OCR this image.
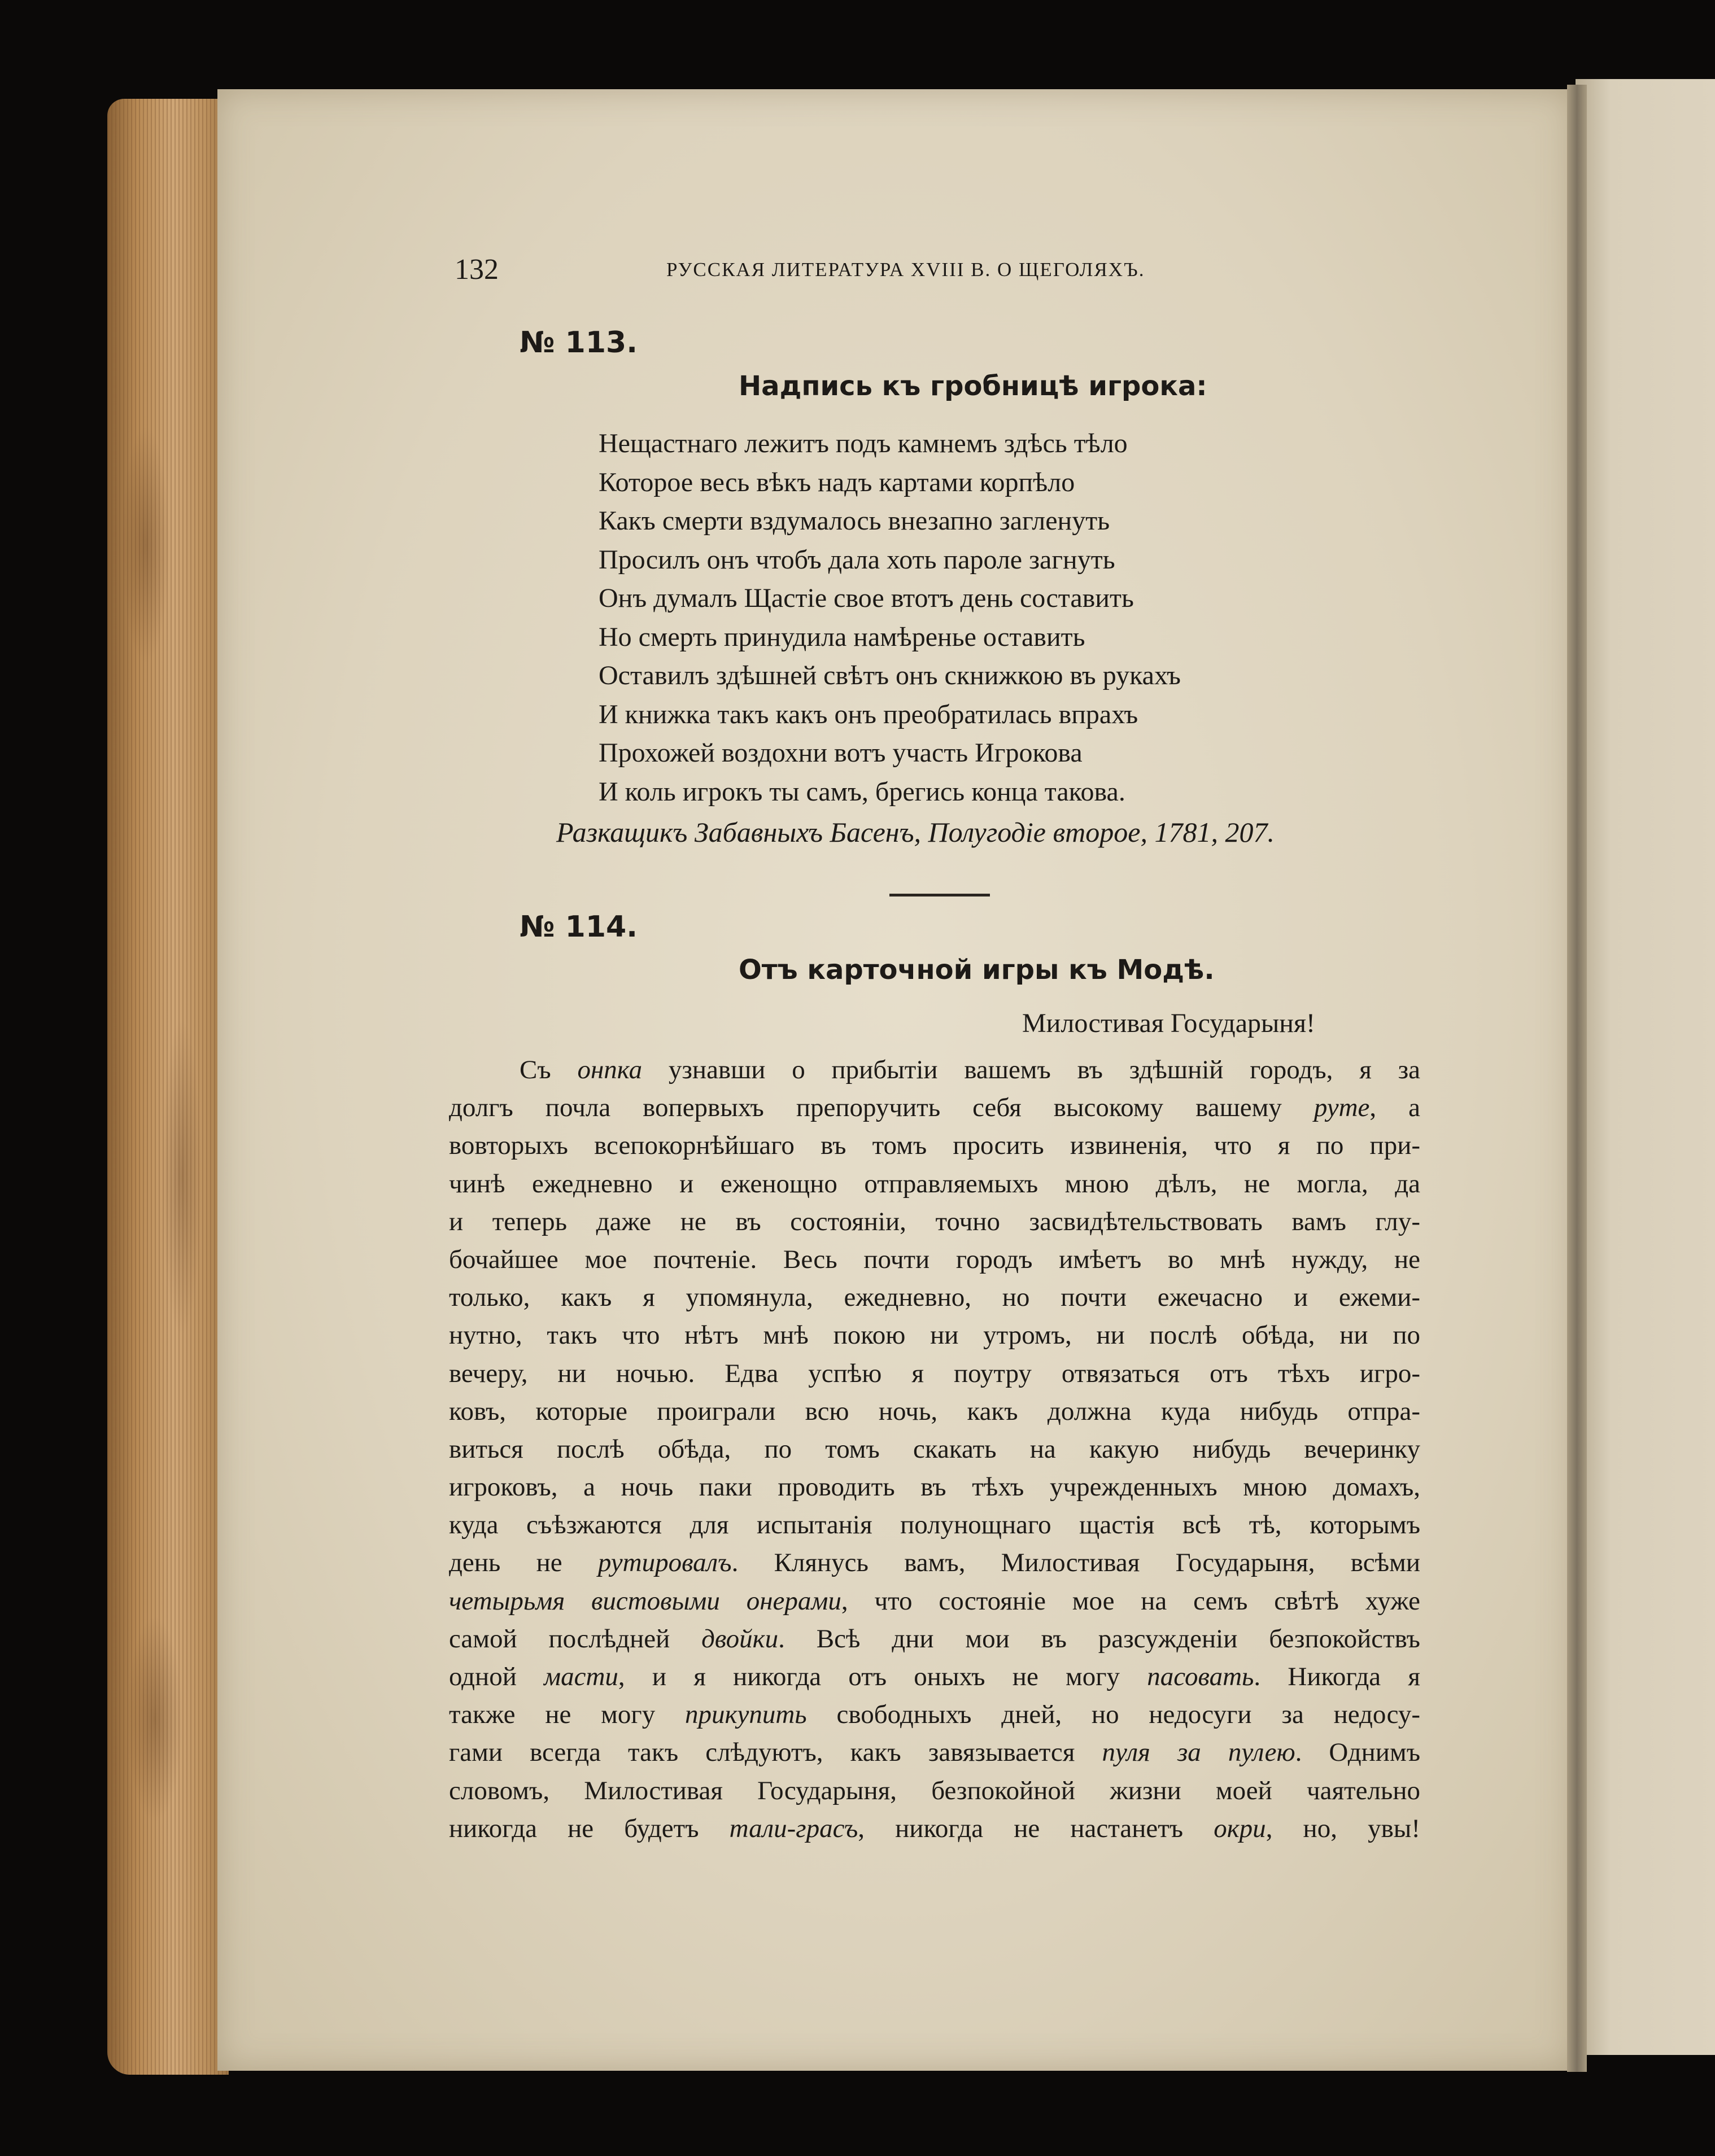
132	РУССКАЯ ЛИТЕРАТУРА XVIII В. О ЩЕГОЛЯХЪ.
№ 113.
Надпись къ гробницѣ игрока:
Нещастнаго лежитъ подъ камнемъ здѣсь тѣло
Которое весь вѣкъ надъ картами корпѣло
Какъ смерти вздумалось внезапно загленуть
Просилъ онъ чтобъ дала хоть пароле загнуть
Онъ думалъ Щастіе свое втотъ день составить
Но смерть принудила намѣренье оставить
Оставилъ здѣшней свѣтъ онъ скнижкою въ рукахъ
И книжка такъ какъ онъ преобратилась впрахъ
Прохожей воздохни вотъ участь Игрокова
И коль игрокъ ты самъ, брегись конца такова.
Разкащикъ Забавныхъ Басенъ, Полугодіе второе, 1781, 207.
№ 114.
Отъ карточной игры къ Модѣ.
Милостивая Государыня!
Съ онnка узнавши о прибытіи вашемъ въ здѣшній городъ, я за
долгъ почла вопервыхъ препоручить себя высокому вашему руте, а
вовторыхъ всепокорнѣйшаго въ томъ просить извиненія, что я по при-
чинѣ ежедневно и еженощно отправляемыхъ мною дѣлъ, не могла, да
и теперь даже не въ состояніи, точно засвидѣтельствовать вамъ глу-
бочайшее мое почтеніе. Весь почти городъ имѣетъ во мнѣ нужду, не
только, какъ я упомянула, ежедневно, но почти ежечасно и ежеми-
нутно, такъ что нѣтъ мнѣ покою ни утромъ, ни послѣ обѣда, ни по
вечеру, ни ночью. Едва успѣю я поутру отвязаться отъ тѣхъ игро-
ковъ, которые проиграли всю ночь, какъ должна куда нибудь отпра-
виться послѣ обѣда, по томъ скакать на какую нибудь вечеринку
игроковъ, а ночь паки проводить въ тѣхъ учрежденныхъ мною домахъ,
куда съѣзжаются для испытанія полунощнаго щастія всѣ тѣ, которымъ
день не рутировалъ. Клянусь вамъ, Милостивая Государыня, всѣми
четырьмя вистовыми онерами, что состояніе мое на семъ свѣтѣ хуже
самой послѣдней двойки. Всѣ дни мои въ разсужденіи безпокойствъ
одной масти, и я никогда отъ оныхъ не могу пасовать. Никогда я
также не могу прикупить свободныхъ дней, но недосуги за недосу-
гами всегда такъ слѣдуютъ, какъ завязывается пуля за пулею. Однимъ
словомъ, Милостивая Государыня, безпокойной жизни моей чаятельно
никогда не будетъ тали-грасъ, никогда не настанетъ окри, но, увы!
